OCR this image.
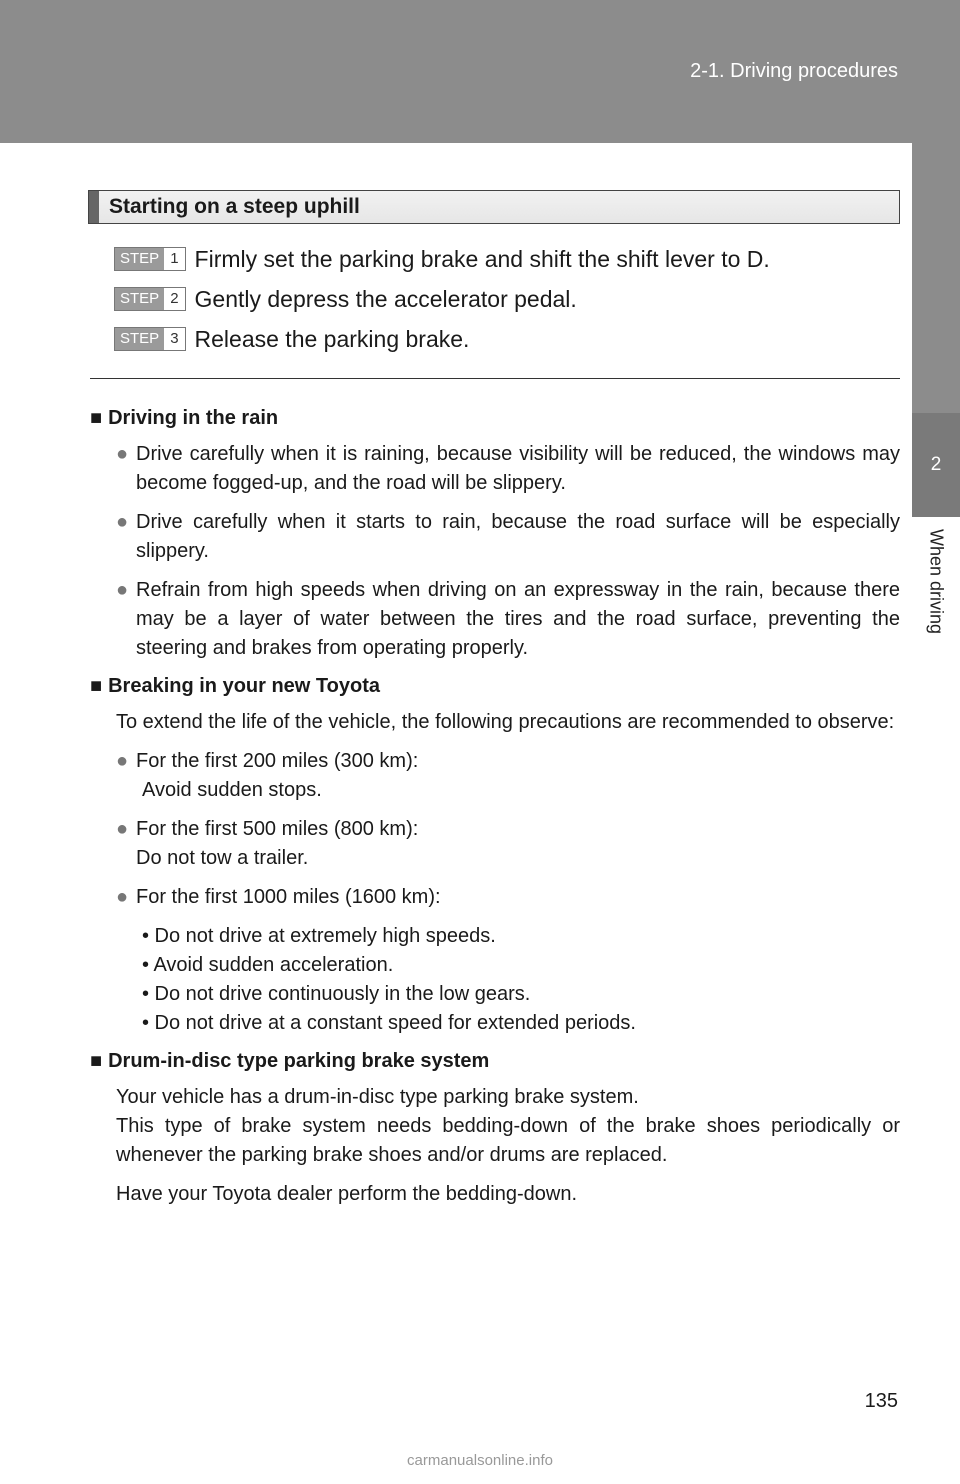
2-1. Driving procedures
2
When driving
Starting on a steep uphill
STEP 1 Firmly set the parking brake and shift the shift lever to D.
STEP 2 Gently depress the accelerator pedal.
STEP 3 Release the parking brake.
■ Driving in the rain
● Drive carefully when it is raining, because visibility will be reduced, the windows may become fogged-up, and the road will be slippery.
● Drive carefully when it starts to rain, because the road surface will be especially slippery.
● Refrain from high speeds when driving on an expressway in the rain, because there may be a layer of water between the tires and the road surface, preventing the steering and brakes from operating properly.
■ Breaking in your new Toyota
To extend the life of the vehicle, the following precautions are recommended to observe:
● For the first 200 miles (300 km):
Avoid sudden stops.
● For the first 500 miles (800 km):
Do not tow a trailer.
● For the first 1000 miles (1600 km):
• Do not drive at extremely high speeds.
• Avoid sudden acceleration.
• Do not drive continuously in the low gears.
• Do not drive at a constant speed for extended periods.
■ Drum-in-disc type parking brake system
Your vehicle has a drum-in-disc type parking brake system.
This type of brake system needs bedding-down of the brake shoes periodically or whenever the parking brake shoes and/or drums are replaced.
Have your Toyota dealer perform the bedding-down.
135
carmanualsonline.info
